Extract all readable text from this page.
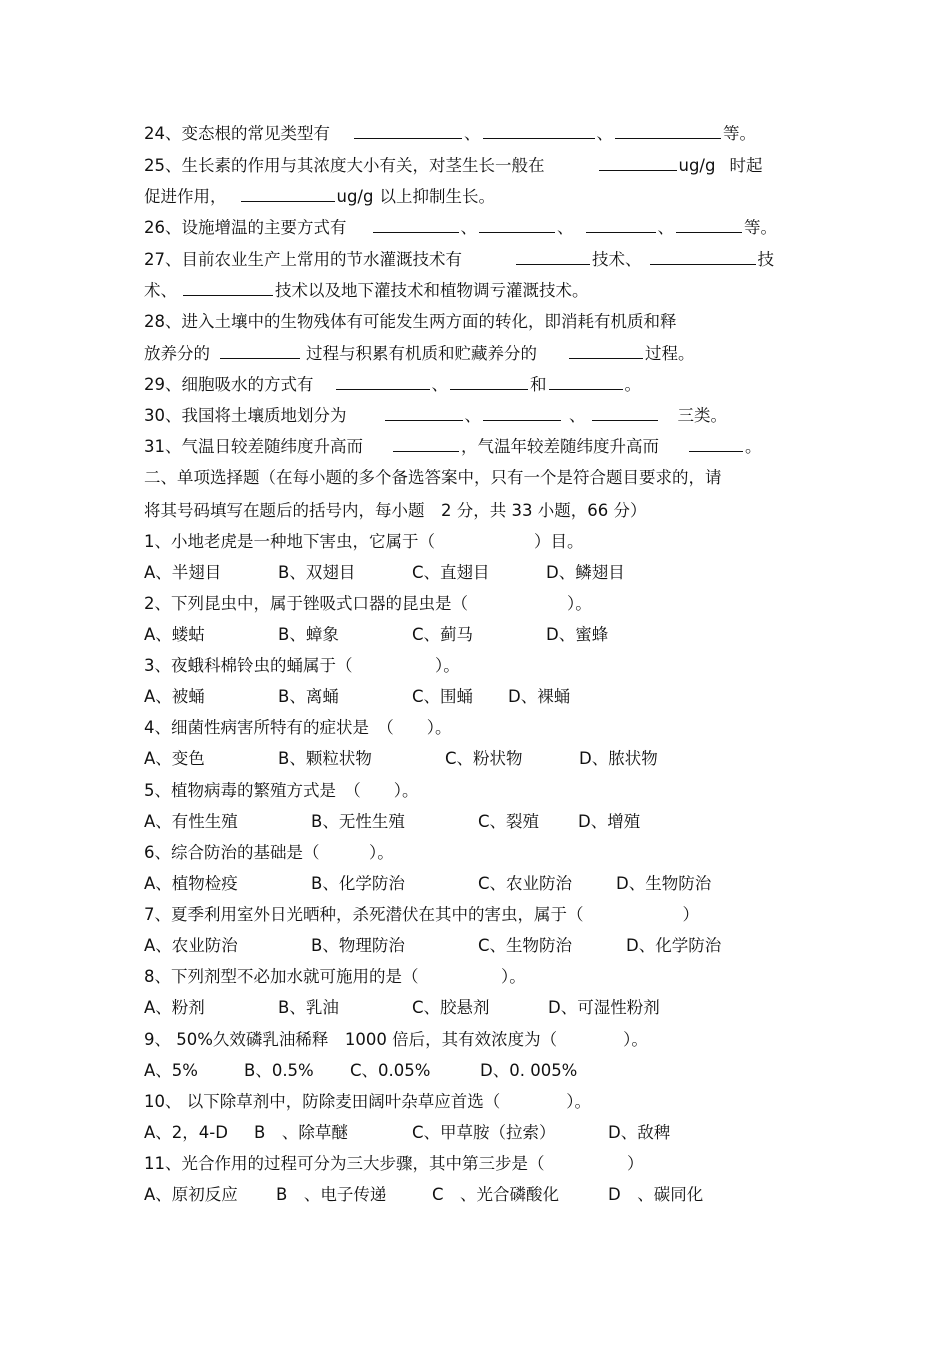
24、变态根的常见类型有	、	、	等。
25、生长素的作用与其浓度大小有关，对茎生长一般在	ug/g 时起
促进作用，	ug/g 以上抑制生长。
26、设施增温的主要方式有	、	、	、	等。
27、目前农业生产上常用的节水灌溉技术有	技术、	技
术、	技术以及地下灌技术和植物调亏灌溉技术。
28、进入土壤中的生物残体有可能发生两方面的转化，即消耗有机质和释
放养分的	过程与积累有机质和贮藏养分的	过程。
29、细胞吸水的方式有	、	和	。
30、我国将土壤质地划分为	、	、	三类。
31、气温日较差随纬度升高而	，气温年较差随纬度升高而	。
二、单项选择题（在每小题的多个备选答案中，只有一个是符合题目要求的，请
将其号码填写在题后的括号内，每小题　2 分，共 33 小题，66 分）
1、小地老虎是一种地下害虫，它属于（　　　　　　）目。
A、半翅目	B、双翅目	C、直翅目	D、鳞翅目
2、下列昆虫中，属于锉吸式口器的昆虫是（　　　　　　）。
A、蝼蛄	B、蟑象	C、蓟马	D、蜜蜂
3、夜蛾科棉铃虫的蛹属于（　　　　　）。
A、被蛹	B、离蛹	C、围蛹 D、裸蛹
4、细菌性病害所特有的症状是　（　　）。
A、变色	B、颗粒状物	C、粉状物	D、脓状物
5、植物病毒的繁殖方式是　（　　）。
A、有性生殖	B、无性生殖	C、裂殖 D、增殖
6、综合防治的基础是（　　　）。
A、植物检疫	B、化学防治	C、农业防治	D、生物防治
7、夏季利用室外日光晒种，杀死潜伏在其中的害虫，属于（　　　　　　）
A、农业防治	B、物理防治	C、生物防治	D、化学防治
8、下列剂型不必加水就可施用的是（　　　　　）。
A、粉剂	B、乳油	C、胶悬剂	D、可湿性粉剂
9、 50%久效磷乳油稀释　1000 倍后，其有效浓度为（　　　　）。
A、5%	B、0.5% C、0.05%	D、0. 005%
10、 以下除草剂中，防除麦田阔叶杂草应首选（　　　　）。
A、2，4-D B　、除草醚	C、甲草胺（拉索）	D、敌稗
11、光合作用的过程可分为三大步骤，其中第三步是（　　　　　）
A、原初反应 B　、电子传递	C　、光合磷酸化	D　、碳同化
